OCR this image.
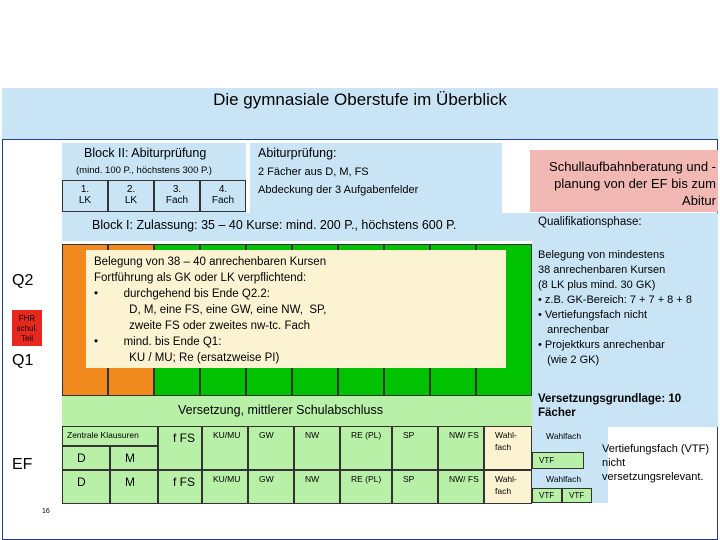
Die gymnasiale Oberstufe im Überblick
Block II: Abiturprüfung
(mind. 100 P., höchstens 300 P.)
1.
LK
2.
LK
3.
Fach
4.
Fach
Abiturprüfung:
2 Fächer aus D, M, FS
Abdeckung der 3 Aufgabenfelder
Schullaufbahnberatung und -planung von der EF bis zum Abitur
Block I: Zulassung: 35 – 40 Kurse: mind. 200 P., höchstens 600 P.	Qualifikationsphase:
Belegung von mindestens
38 anrechenbaren Kursen
(8 LK plus mind. 30 GK)
• z.B. GK-Bereich: 7 + 7 + 8 + 8
• Vertiefungsfach nicht
anrechenbar
• Projektkurs anrechenbar
(wie 2 GK)
Belegung von 38 – 40 anrechenbaren Kursen
Fortführung als GK oder LK verpflichtend:
•        durchgehend bis Ende Q2.2:
D, M, eine FS, eine GW, eine NW,  SP,
zweite FS oder zweites nw-tc. Fach
•        mind. bis Ende Q1:
KU / MU; Re (ersatzweise PI)
Q2
FHR schul. Teil
Q1
Versetzung, mittlerer Schulabschluss
Versetzungsgrundlage: 10 Fächer
EF
Zentrale Klausuren
D	M
f FS	KU/MU	GW	NW	RE (PL)	SP	NW/ FS	Wahl-fach
D	M	f FS	KU/MU	GW	NW	RE (PL)	SP	NW/ FS	Wahl-fach
Wahlfach
VTF
Wahlfach
VTF	VTF
Vertiefungsfach (VTF) nicht versetzungsrelevant.
16
